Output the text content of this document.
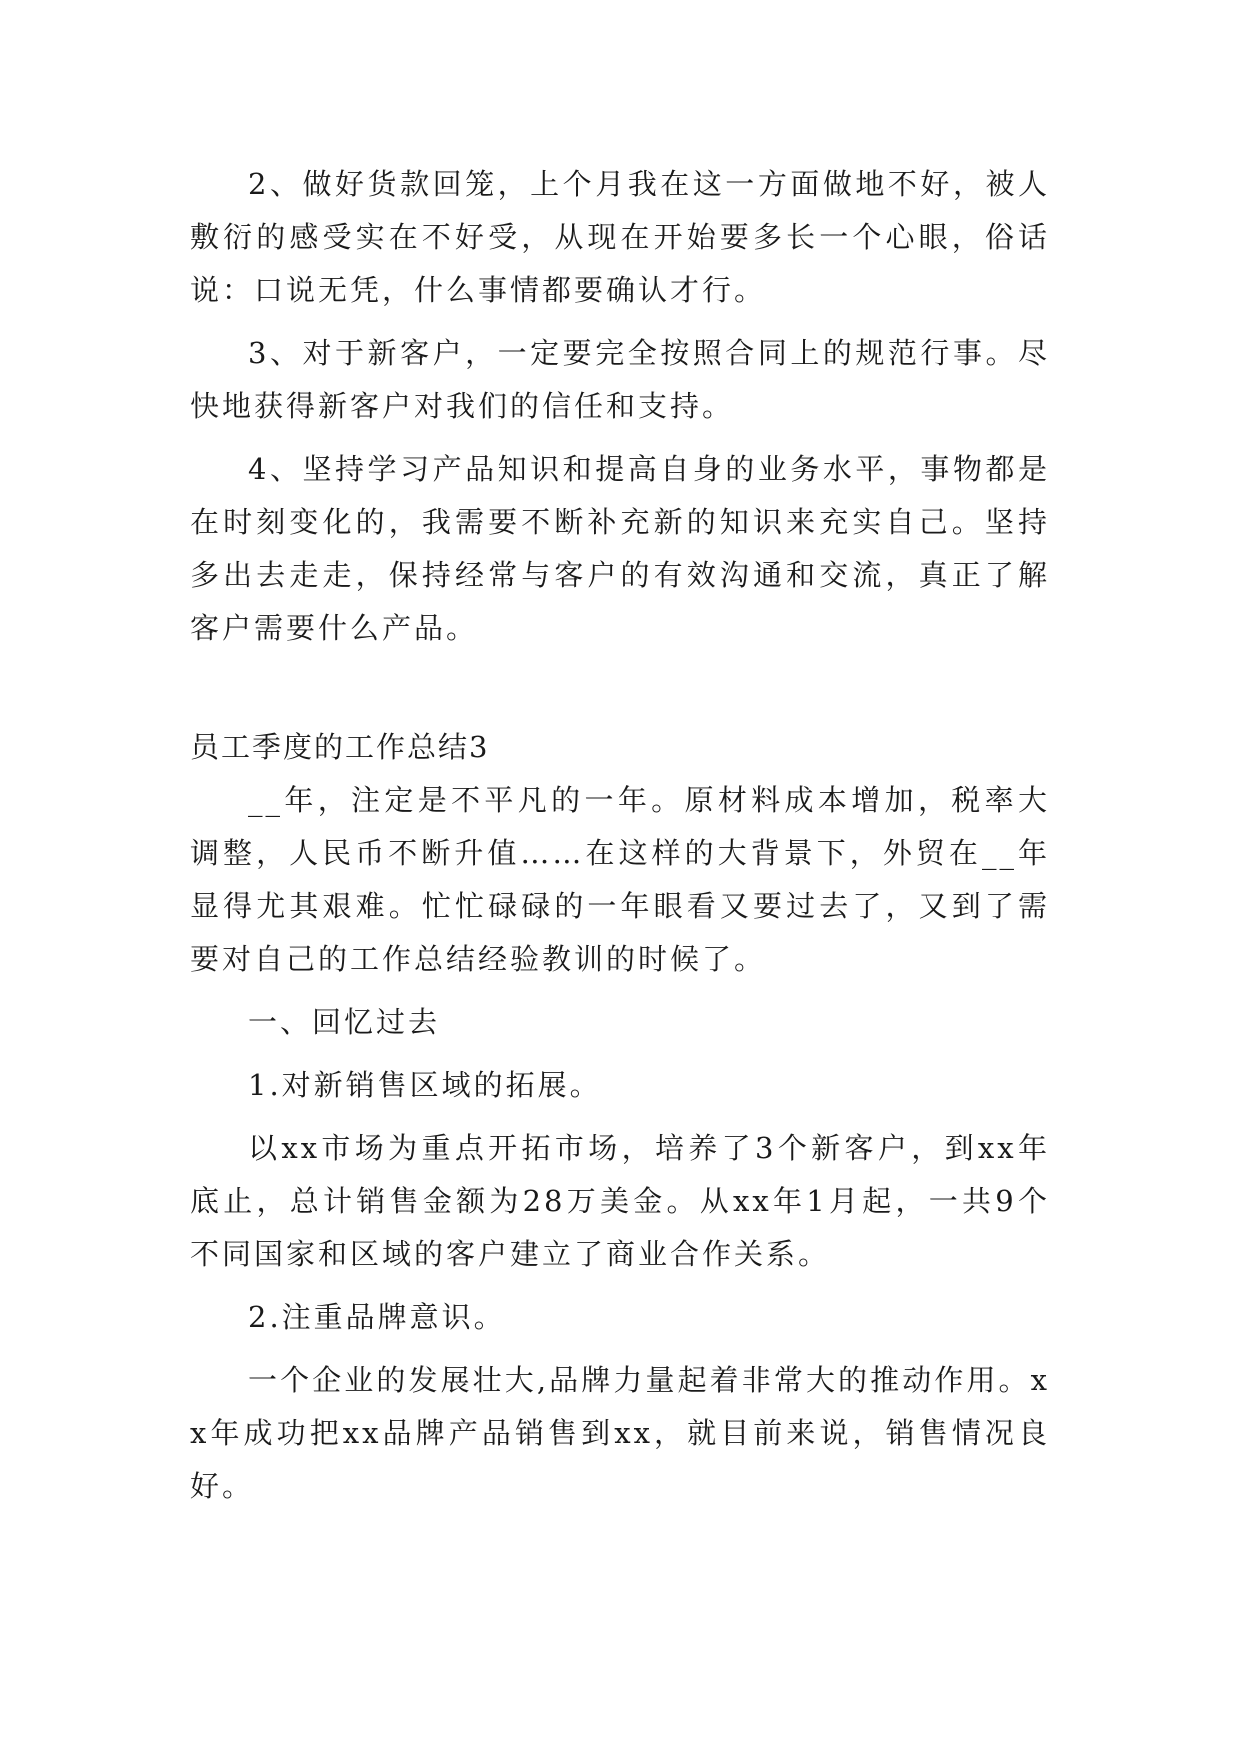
2、做好货款回笼，上个月我在这一方面做地不好，被人敷衍的感受实在不好受，从现在开始要多长一个心眼，俗话说：口说无凭，什么事情都要确认才行。

3、对于新客户，一定要完全按照合同上的规范行事。尽快地获得新客户对我们的信任和支持。

4、坚持学习产品知识和提高自身的业务水平，事物都是在时刻变化的，我需要不断补充新的知识来充实自己。坚持多出去走走，保持经常与客户的有效沟通和交流，真正了解客户需要什么产品。

员工季度的工作总结3

__年，注定是不平凡的一年。原材料成本增加，税率大调整，人民币不断升值……在这样的大背景下，外贸在__年显得尤其艰难。忙忙碌碌的一年眼看又要过去了，又到了需要对自己的工作总结经验教训的时候了。

一、回忆过去

1.对新销售区域的拓展。

以xx市场为重点开拓市场，培养了3个新客户，到xx年底止，总计销售金额为28万美金。从xx年1月起，一共9个不同国家和区域的客户建立了商业合作关系。

2.注重品牌意识。

一个企业的发展壮大,品牌力量起着非常大的推动作用。xx年成功把xx品牌产品销售到xx，就目前来说，销售情况良好。
